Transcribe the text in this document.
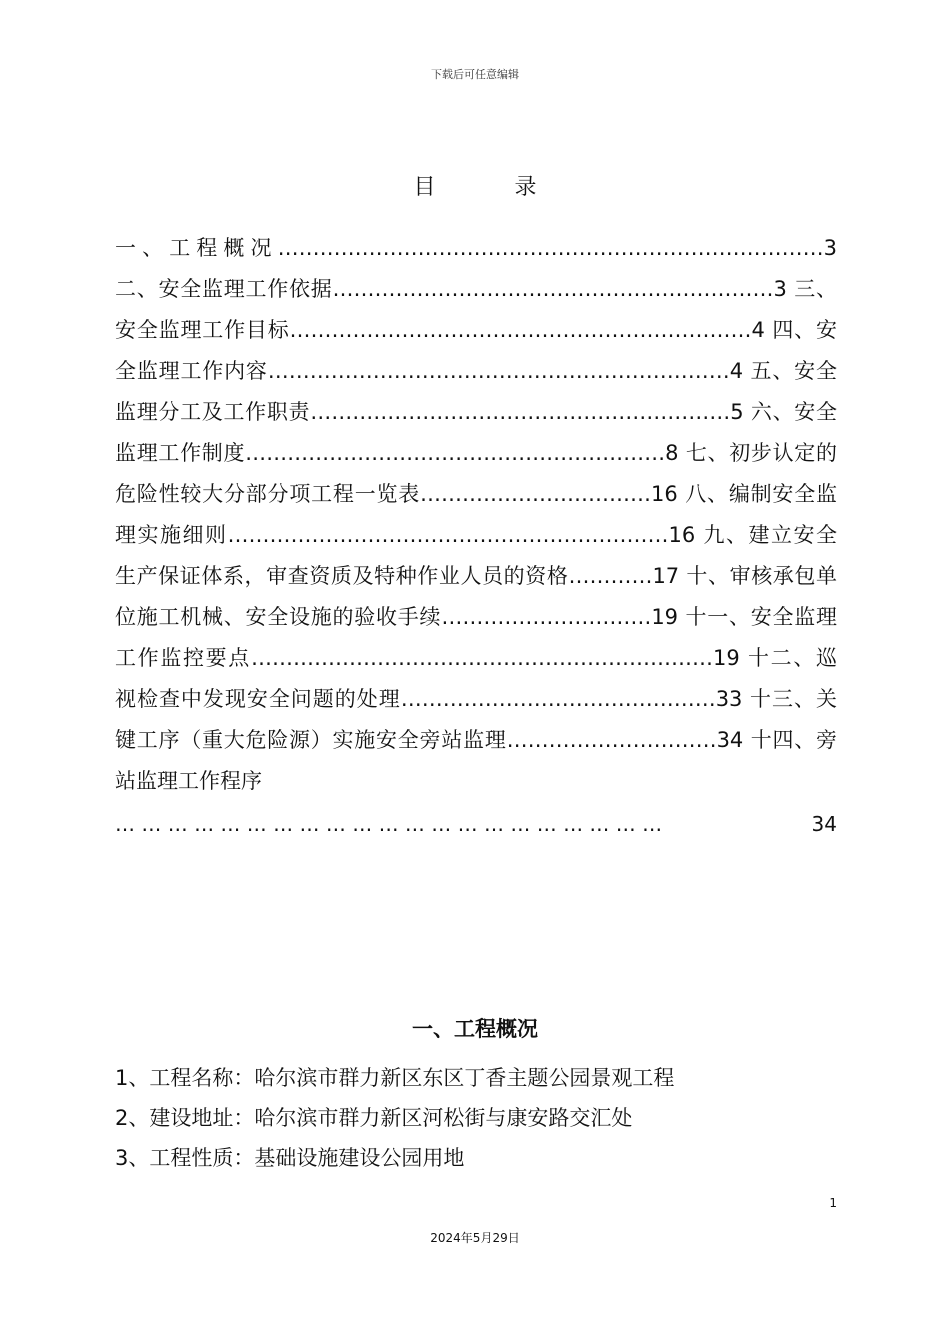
下载后可任意编辑
目 录

一、工程概况……………………………………………………………………3 二、安全监理工作依据………………………………………………………3 三、安全监理工作目标…………………………………………………………4 四、安全监理工作内容…………………………………………………………4 五、安全监理分工及工作职责……………………………………………………5 六、安全监理工作制度……………………………………………………8 七、初步认定的危险性较大分部分项工程一览表……………………………16 八、编制安全监理实施细则………………………………………………………16 九、建立安全生产保证体系，审查资质及特种作业人员的资格…………17 十、审核承包单位施工机械、安全设施的验收手续…………………………19 十一、安全监理工作监控要点…………………………………………………………19 十二、巡视检查中发现安全问题的处理………………………………………33 十三、关键工序（重大危险源）实施安全旁站监理…………………………34 十四、旁站监理工作程序

… … … … … … … … … … … … … … … … … … … … …	34
一、工程概况
1、工程名称：哈尔滨市群力新区东区丁香主题公园景观工程
2、建设地址：哈尔滨市群力新区河松街与康安路交汇处
3、工程性质：基础设施建设公园用地
1
2024年5月29日
